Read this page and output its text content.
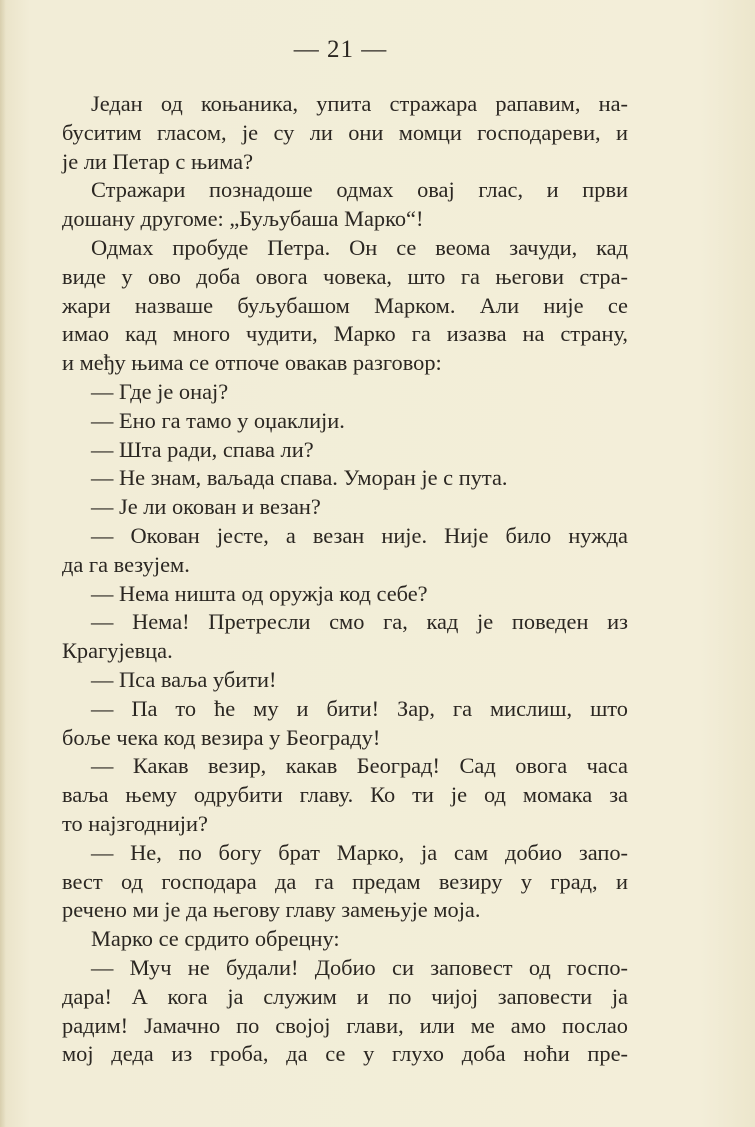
— 21 —
Један од коњаника, упита стражара рапавим, на-
буситим гласом, је су ли они момци господареви, и
је ли Петар с њима?
Стражари познадоше одмах овај глас, и први
дошану другоме: „Буљубаша Марко“!
Одмах пробуде Петра. Он се веома зачуди, кад
виде у ово доба овога човека, што га његови стра-
жари назваше буљубашом Марком. Али није се
имао кад много чудити, Марко га изазва на страну,
и међу њима се отпоче овакав разговор:
— Где је онај?
— Ено га тамо у оџаклији.
— Шта ради, спава ли?
— Не знам, ваљада спава. Уморан је с пута.
— Је ли окован и везан?
— Окован јесте, а везан није. Није било нужда
да га везујем.
— Нема ништа од оружја код себе?
— Нема! Претресли смо га, кад је поведен из
Крагујевца.
— Пса ваља убити!
— Па то ће му и бити! Зар, га мислиш, што
боље чека код везира у Београду!
— Какав везир, какав Београд! Сад овога часа
ваља њему одрубити главу. Ко ти је од момака за
то најзгоднији?
— Не, по богу брат Марко, ја сам добио запо-
вест од господара да га предам везиру у град, и
речено ми је да његову главу замењује моја.
Марко се срдито обрецну:
— Муч не будали! Добио си заповест од госпо-
дара! А кога ја служим и по чијој заповести ја
радим! Јамачно по својој глави, или ме амо послао
мој деда из гроба, да се у глухо доба ноћи пре-
